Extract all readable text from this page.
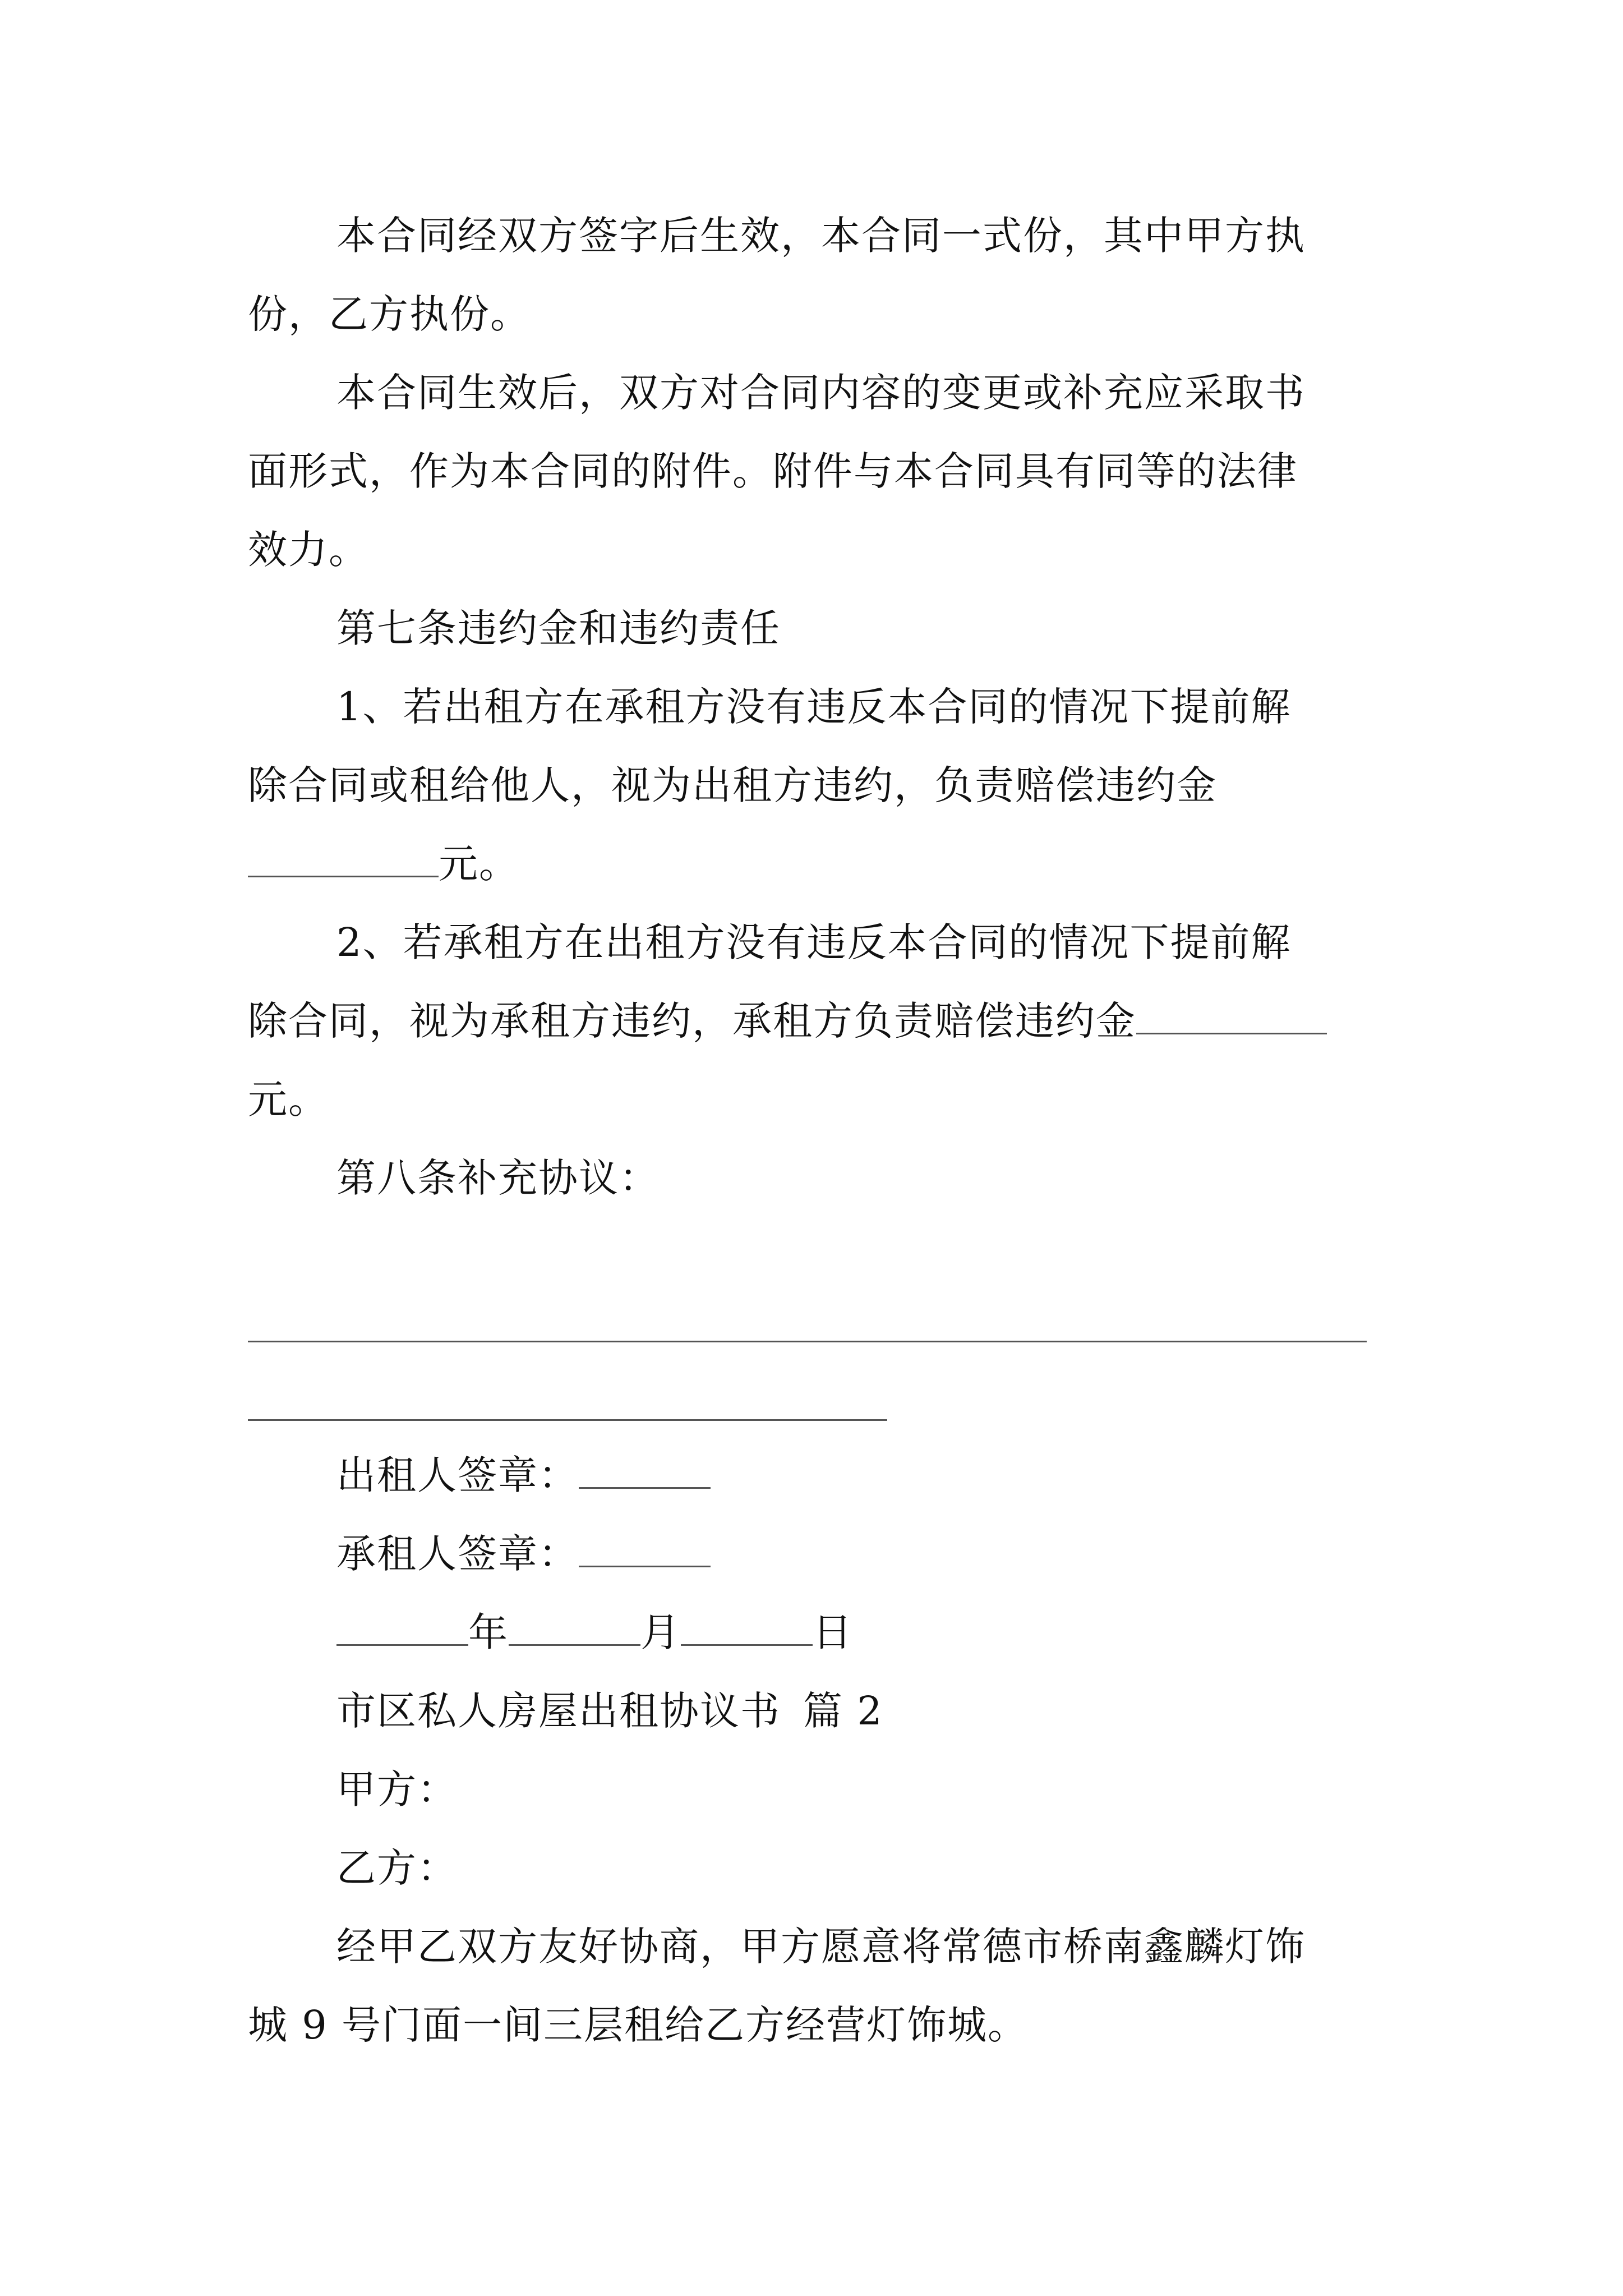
本合同经双方签字后生效，本合同一式份，其中甲方执
份，乙方执份。
本合同生效后，双方对合同内容的变更或补充应采取书
面形式，作为本合同的附件。附件与本合同具有同等的法律
效力。
第七条违约金和违约责任
1、若出租方在承租方没有违反本合同的情况下提前解
除合同或租给他人，视为出租方违约，负责赔偿违约金
元。
2、若承租方在出租方没有违反本合同的情况下提前解
除合同，视为承租方违约，承租方负责赔偿违约金
元。
第八条补充协议：
出租人签章：
承租人签章：
年	月	日
市区私人房屋出租协议书 篇 2
甲方：
乙方：
经甲乙双方友好协商，甲方愿意将常德市桥南鑫麟灯饰
城 9 号门面一间三层租给乙方经营灯饰城。
